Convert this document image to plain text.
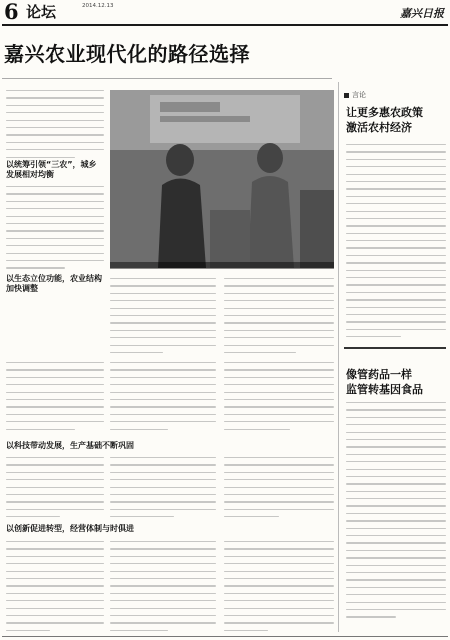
6 论坛	2014.12.13
嘉兴日报
嘉兴农业现代化的路径选择
以统筹引领“三农”，城乡发展相对均衡
以生态立位功能，农业结构加快调整
以科技带动发展，生产基础不断巩固
以创新促进转型，经营体制与时俱进
言论
让更多惠农政策
激活农村经济
像管药品一样
监管转基因食品
